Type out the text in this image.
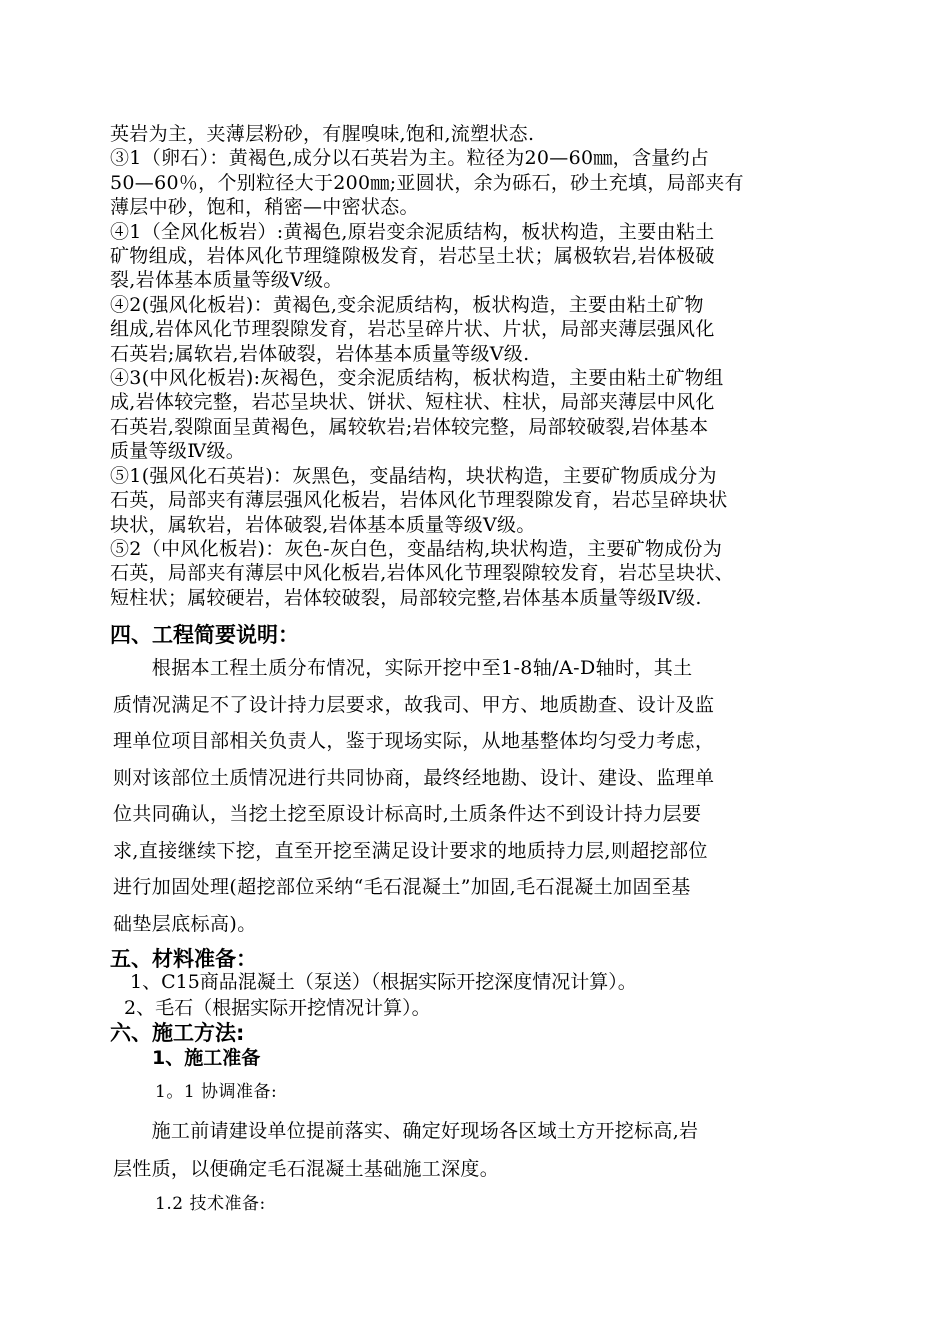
英岩为主，夹薄层粉砂，有腥嗅味,饱和,流塑状态.

③1（卵石）：黄褐色,成分以石英岩为主。粒径为20—60㎜，含量约占

50—60％，个别粒径大于200㎜;亚圆状，余为砾石，砂土充填，局部夹有

薄层中砂，饱和，稍密—中密状态。

④1（全风化板岩）:黄褐色,原岩变余泥质结构，板状构造，主要由粘土

矿物组成，岩体风化节理缝隙极发育，岩芯呈土状；属极软岩,岩体极破

裂,岩体基本质量等级Ⅴ级。

④2(强风化板岩)：黄褐色,变余泥质结构，板状构造，主要由粘土矿物

组成,岩体风化节理裂隙发育，岩芯呈碎片状、片状，局部夹薄层强风化

石英岩;属软岩,岩体破裂，岩体基本质量等级Ⅴ级.

④3(中风化板岩):灰褐色，变余泥质结构，板状构造，主要由粘土矿物组

成,岩体较完整，岩芯呈块状、饼状、短柱状、柱状，局部夹薄层中风化

石英岩,裂隙面呈黄褐色，属较软岩;岩体较完整，局部较破裂,岩体基本

质量等级Ⅳ级。

⑤1(强风化石英岩)：灰黑色，变晶结构，块状构造，主要矿物质成分为

石英，局部夹有薄层强风化板岩，岩体风化节理裂隙发育，岩芯呈碎块状

块状，属软岩，岩体破裂,岩体基本质量等级Ⅴ级。

⑤2（中风化板岩)：灰色-灰白色，变晶结构,块状构造，主要矿物成份为

石英，局部夹有薄层中风化板岩,岩体风化节理裂隙较发育，岩芯呈块状、

短柱状；属较硬岩，岩体较破裂，局部较完整,岩体基本质量等级Ⅳ级.

四、工程简要说明：

　　根据本工程土质分布情况，实际开挖中至1-8轴/A-D轴时，其土

质情况满足不了设计持力层要求，故我司、甲方、地质勘查、设计及监

理单位项目部相关负责人，鉴于现场实际，从地基整体均匀受力考虑，

则对该部位土质情况进行共同协商，最终经地勘、设计、建设、监理单

位共同确认，当挖土挖至原设计标高时,土质条件达不到设计持力层要

求,直接继续下挖，直至开挖至满足设计要求的地质持力层,则超挖部位

进行加固处理(超挖部位采纳“毛石混凝土”加固,毛石混凝土加固至基

础垫层底标高)。

五、材料准备：

1、C15商品混凝土（泵送）（根据实际开挖深度情况计算）。

2、毛石（根据实际开挖情况计算）。

六、施工方法:
1、施工准备

1。1 协调准备:

　　施工前请建设单位提前落实、确定好现场各区域土方开挖标高,岩

层性质，以便确定毛石混凝土基础施工深度。

1.2 技术准备:
